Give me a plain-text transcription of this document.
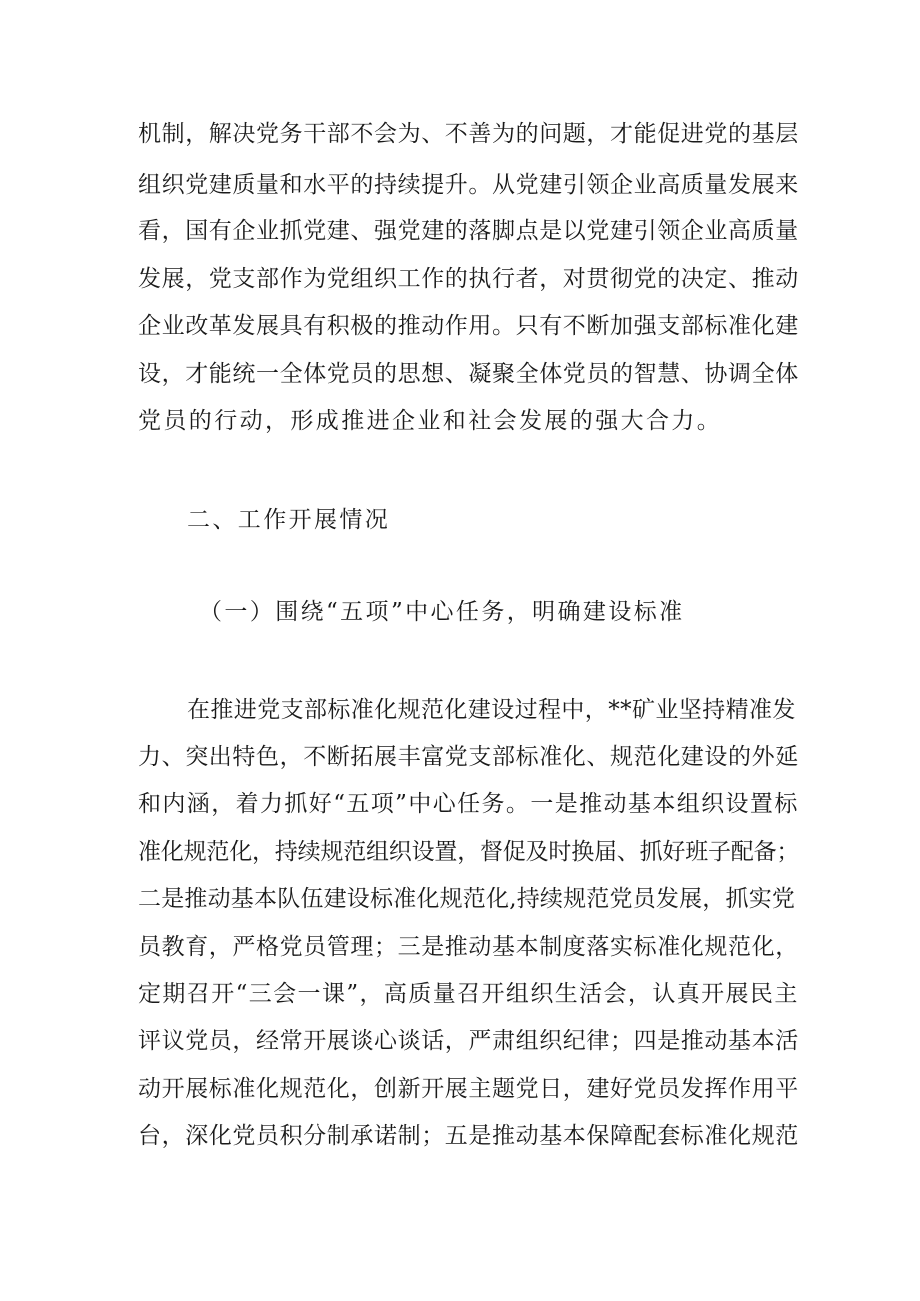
机制，解决党务干部不会为、不善为的问题，才能促进党的基层
组织党建质量和水平的持续提升。从党建引领企业高质量发展来
看，国有企业抓党建、强党建的落脚点是以党建引领企业高质量
发展，党支部作为党组织工作的执行者，对贯彻党的决定、推动
企业改革发展具有积极的推动作用。只有不断加强支部标准化建
设，才能统一全体党员的思想、凝聚全体党员的智慧、协调全体
党员的行动，形成推进企业和社会发展的强大合力。
二、工作开展情况
（一）围绕“五项”中心任务，明确建设标准
在推进党支部标准化规范化建设过程中，**矿业坚持精准发
力、突出特色，不断拓展丰富党支部标准化、规范化建设的外延
和内涵，着力抓好“五项”中心任务。一是推动基本组织设置标
准化规范化，持续规范组织设置，督促及时换届、抓好班子配备；
二是推动基本队伍建设标准化规范化,持续规范党员发展，抓实党
员教育，严格党员管理；三是推动基本制度落实标准化规范化，
定期召开“三会一课”，高质量召开组织生活会，认真开展民主
评议党员，经常开展谈心谈话，严肃组织纪律；四是推动基本活
动开展标准化规范化，创新开展主题党日，建好党员发挥作用平
台，深化党员积分制承诺制；五是推动基本保障配套标准化规范
